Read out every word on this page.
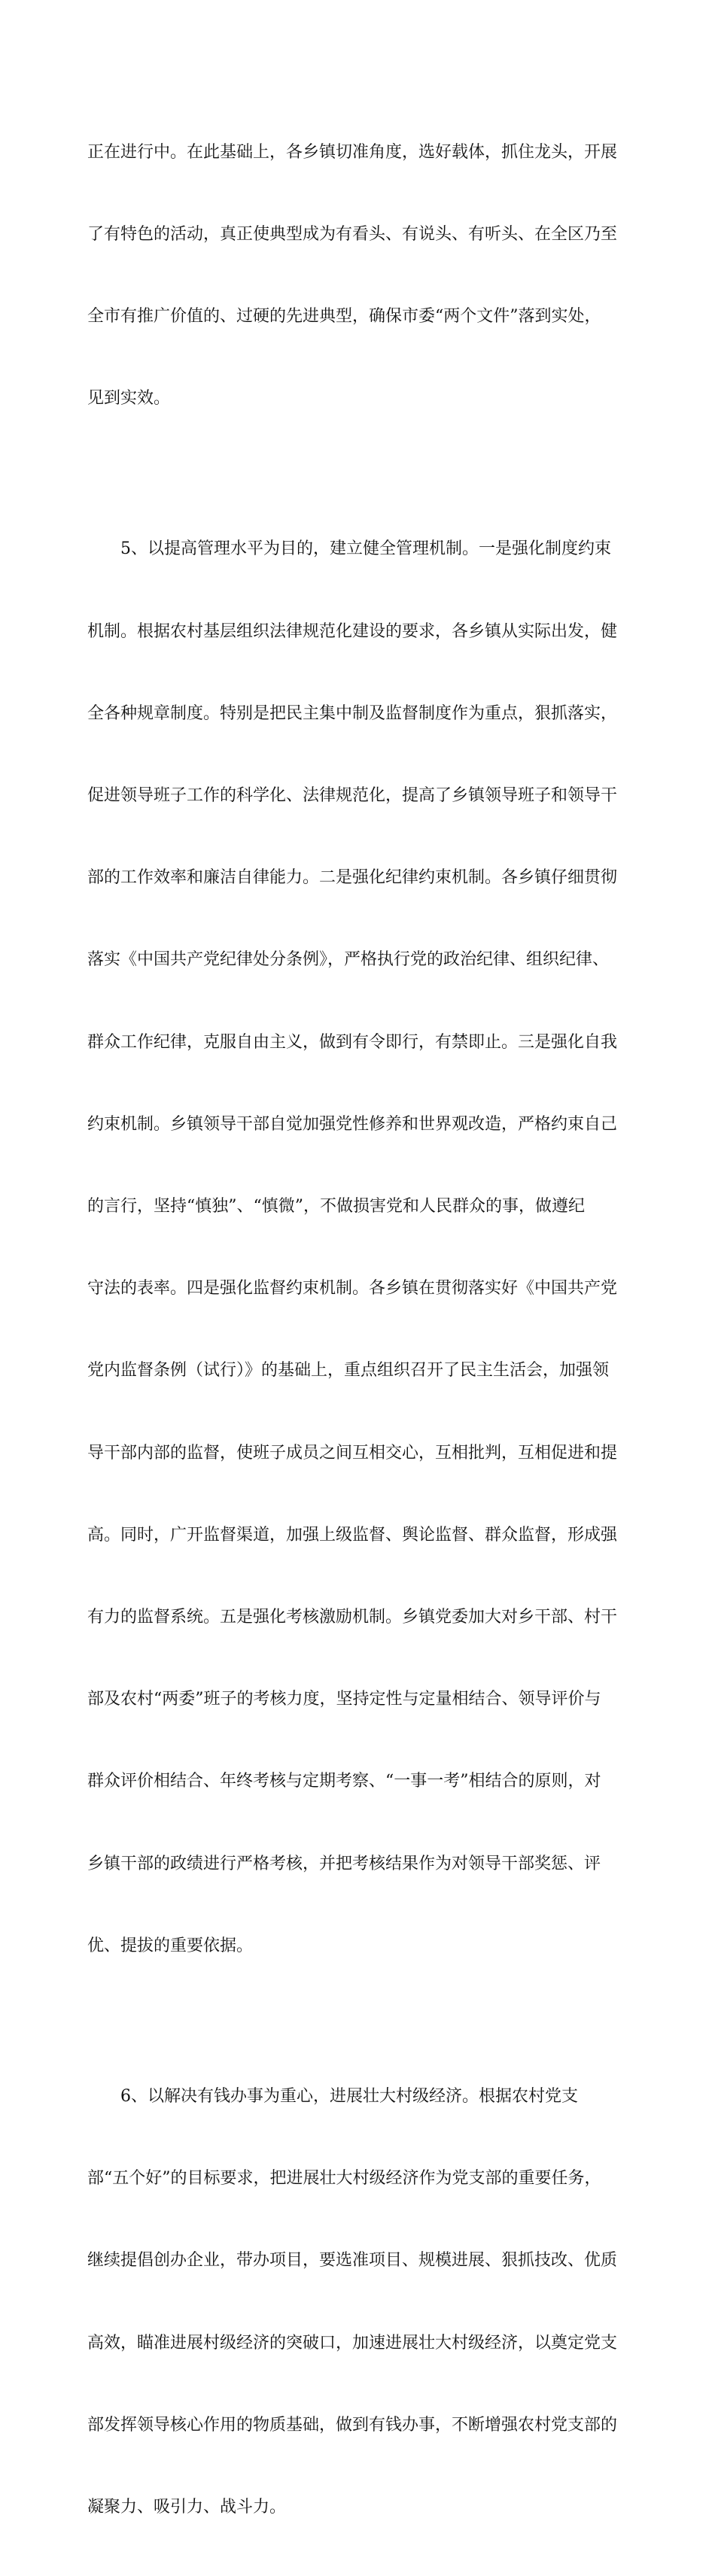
正在进行中。在此基础上，各乡镇切准角度，选好载体，抓住龙头，开展

了有特色的活动，真正使典型成为有看头、有说头、有听头、在全区乃至

全市有推广价值的、过硬的先进典型，确保市委“两个文件”落到实处，

见到实效。

5、以提高管理水平为目的，建立健全管理机制。一是强化制度约束

机制。根据农村基层组织法律规范化建设的要求，各乡镇从实际出发，健

全各种规章制度。特别是把民主集中制及监督制度作为重点，狠抓落实，

促进领导班子工作的科学化、法律规范化，提高了乡镇领导班子和领导干

部的工作效率和廉洁自律能力。二是强化纪律约束机制。各乡镇仔细贯彻

落实《中国共产党纪律处分条例》，严格执行党的政治纪律、组织纪律、

群众工作纪律，克服自由主义，做到有令即行，有禁即止。三是强化自我

约束机制。乡镇领导干部自觉加强党性修养和世界观改造，严格约束自己

的言行，坚持“慎独”、“慎微”，不做损害党和人民群众的事，做遵纪

守法的表率。四是强化监督约束机制。各乡镇在贯彻落实好《中国共产党

党内监督条例（试行）》的基础上，重点组织召开了民主生活会，加强领

导干部内部的监督，使班子成员之间互相交心，互相批判，互相促进和提

高。同时，广开监督渠道，加强上级监督、舆论监督、群众监督，形成强

有力的监督系统。五是强化考核激励机制。乡镇党委加大对乡干部、村干

部及农村“两委”班子的考核力度，坚持定性与定量相结合、领导评价与

群众评价相结合、年终考核与定期考察、“一事一考”相结合的原则，对

乡镇干部的政绩进行严格考核，并把考核结果作为对领导干部奖惩、评

优、提拔的重要依据。

6、以解决有钱办事为重心，进展壮大村级经济。根据农村党支

部“五个好”的目标要求，把进展壮大村级经济作为党支部的重要任务，

继续提倡创办企业，带办项目，要选准项目、规模进展、狠抓技改、优质

高效，瞄准进展村级经济的突破口，加速进展壮大村级经济，以奠定党支

部发挥领导核心作用的物质基础，做到有钱办事，不断增强农村党支部的

凝聚力、吸引力、战斗力。
